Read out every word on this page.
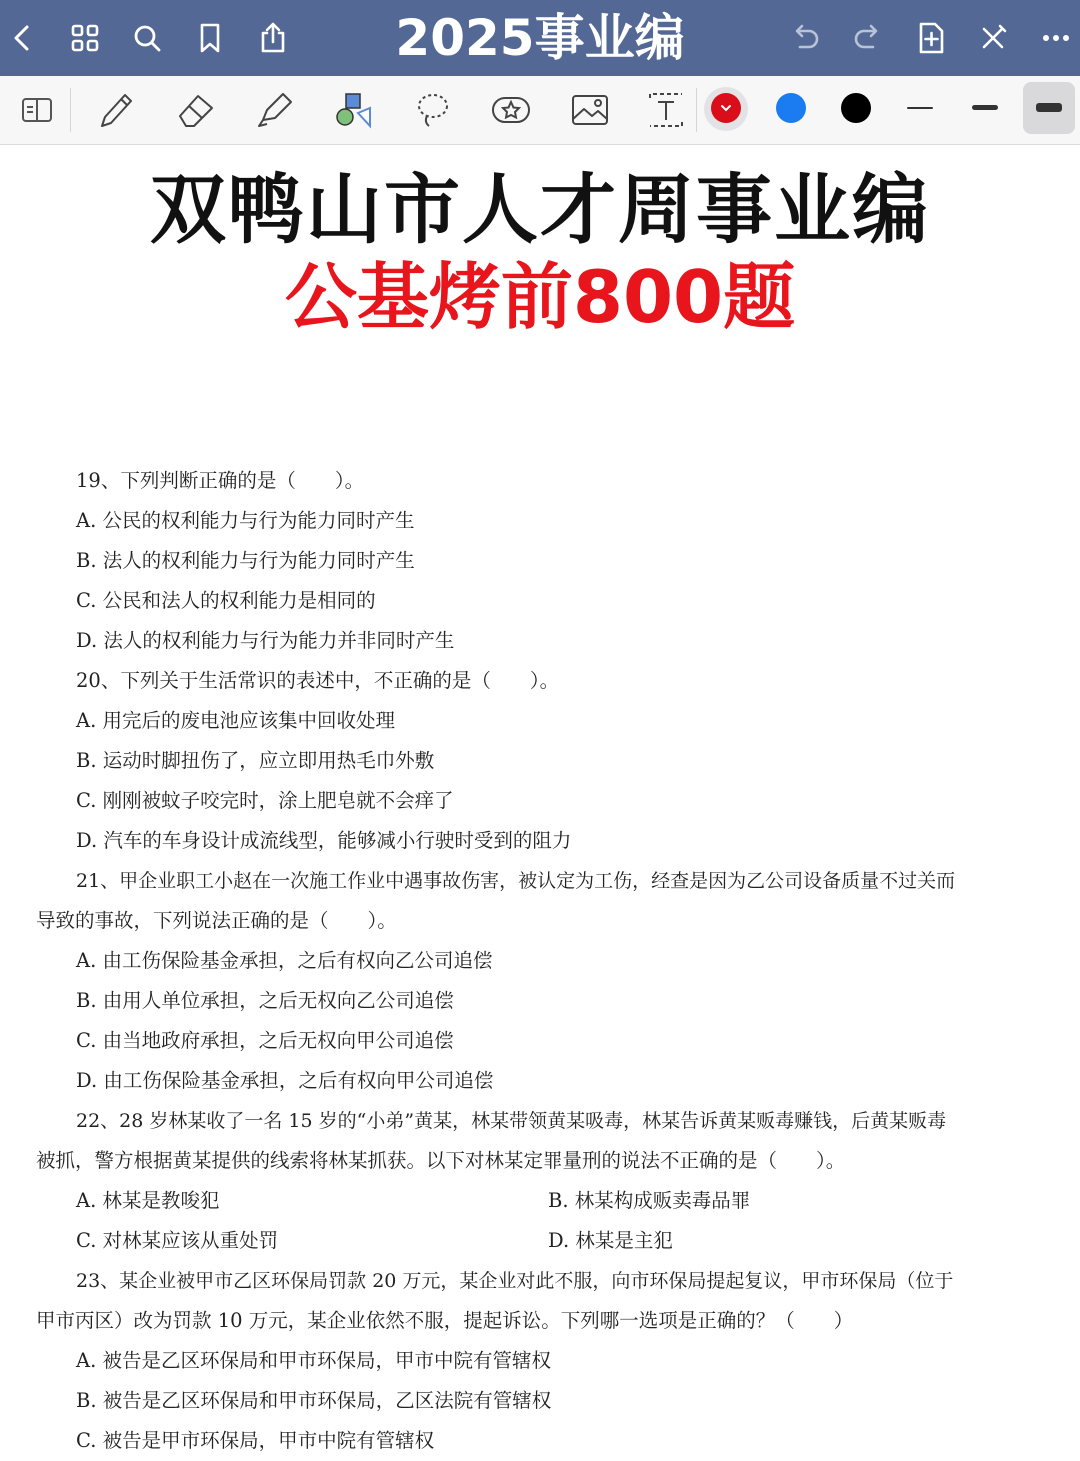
2025事业编
双鸭山市人才周事业编
公基烤前800题
19、下列判断正确的是（　　）。
A. 公民的权利能力与行为能力同时产生
B. 法人的权利能力与行为能力同时产生
C. 公民和法人的权利能力是相同的
D. 法人的权利能力与行为能力并非同时产生
20、下列关于生活常识的表述中，不正确的是（　　）。
A. 用完后的废电池应该集中回收处理
B. 运动时脚扭伤了，应立即用热毛巾外敷
C. 刚刚被蚊子咬完时，涂上肥皂就不会痒了
D. 汽车的车身设计成流线型，能够减小行驶时受到的阻力
21、甲企业职工小赵在一次施工作业中遇事故伤害，被认定为工伤，经查是因为乙公司设备质量不过关而
导致的事故，下列说法正确的是（　　）。
A. 由工伤保险基金承担，之后有权向乙公司追偿
B. 由用人单位承担，之后无权向乙公司追偿
C. 由当地政府承担，之后无权向甲公司追偿
D. 由工伤保险基金承担，之后有权向甲公司追偿
22、28 岁林某收了一名 15 岁的“小弟”黄某，林某带领黄某吸毒，林某告诉黄某贩毒赚钱，后黄某贩毒
被抓，警方根据黄某提供的线索将林某抓获。以下对林某定罪量刑的说法不正确的是（　　）。
A. 林某是教唆犯	B. 林某构成贩卖毒品罪
C. 对林某应该从重处罚	D. 林某是主犯
23、某企业被甲市乙区环保局罚款 20 万元，某企业对此不服，向市环保局提起复议，甲市环保局（位于
甲市丙区）改为罚款 10 万元，某企业依然不服，提起诉讼。下列哪一选项是正确的？（　　）
A. 被告是乙区环保局和甲市环保局，甲市中院有管辖权
B. 被告是乙区环保局和甲市环保局，乙区法院有管辖权
C. 被告是甲市环保局，甲市中院有管辖权
